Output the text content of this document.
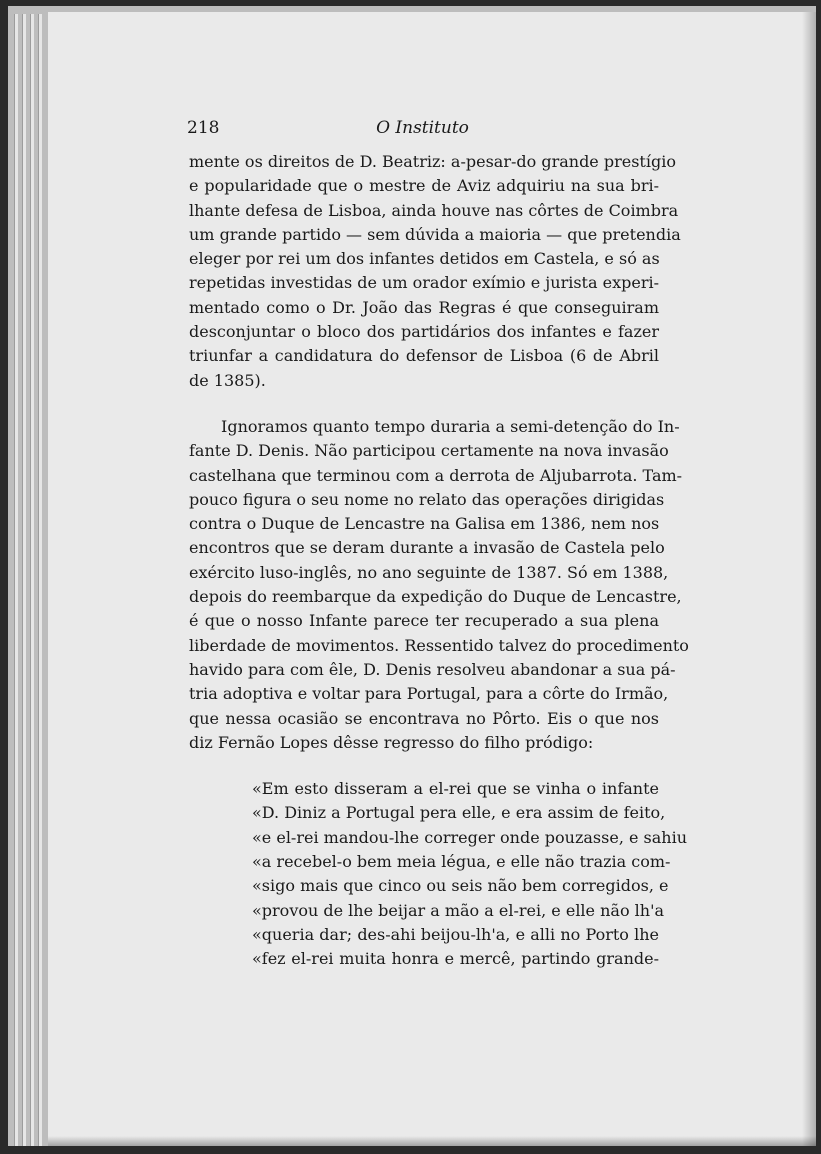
218	O Instituto
mente os direitos de D. Beatriz: a-pesar-do grande prestígio
e popularidade que o mestre de Aviz adquiriu na sua bri-
lhante defesa de Lisboa, ainda houve nas côrtes de Coimbra
um grande partido — sem dúvida a maioria — que pretendia
eleger por rei um dos infantes detidos em Castela, e só as
repetidas investidas de um orador exímio e jurista experi-
mentado como o Dr. João das Regras é que conseguiram
desconjuntar o bloco dos partidários dos infantes e fazer
triunfar a candidatura do defensor de Lisboa (6 de Abril
de 1385).
Ignoramos quanto tempo duraria a semi-detenção do In-
fante D. Denis. Não participou certamente na nova invasão
castelhana que terminou com a derrota de Aljubarrota. Tam-
pouco figura o seu nome no relato das operações dirigidas
contra o Duque de Lencastre na Galisa em 1386, nem nos
encontros que se deram durante a invasão de Castela pelo
exército luso-inglês, no ano seguinte de 1387. Só em 1388,
depois do reembarque da expedição do Duque de Lencastre,
é que o nosso Infante parece ter recuperado a sua plena
liberdade de movimentos. Ressentido talvez do procedimento
havido para com êle, D. Denis resolveu abandonar a sua pá-
tria adoptiva e voltar para Portugal, para a côrte do Irmão,
que nessa ocasião se encontrava no Pôrto. Eis o que nos
diz Fernão Lopes dêsse regresso do filho pródigo:
«Em esto disseram a el-rei que se vinha o infante
«D. Diniz a Portugal pera elle, e era assim de feito,
«e el-rei mandou-lhe correger onde pouzasse, e sahiu
«a recebel-o bem meia légua, e elle não trazia com-
«sigo mais que cinco ou seis não bem corregidos, e
«provou de lhe beijar a mão a el-rei, e elle não lh'a
«queria dar; des-ahi beijou-lh'a, e alli no Porto lhe
«fez el-rei muita honra e mercê, partindo grande-
